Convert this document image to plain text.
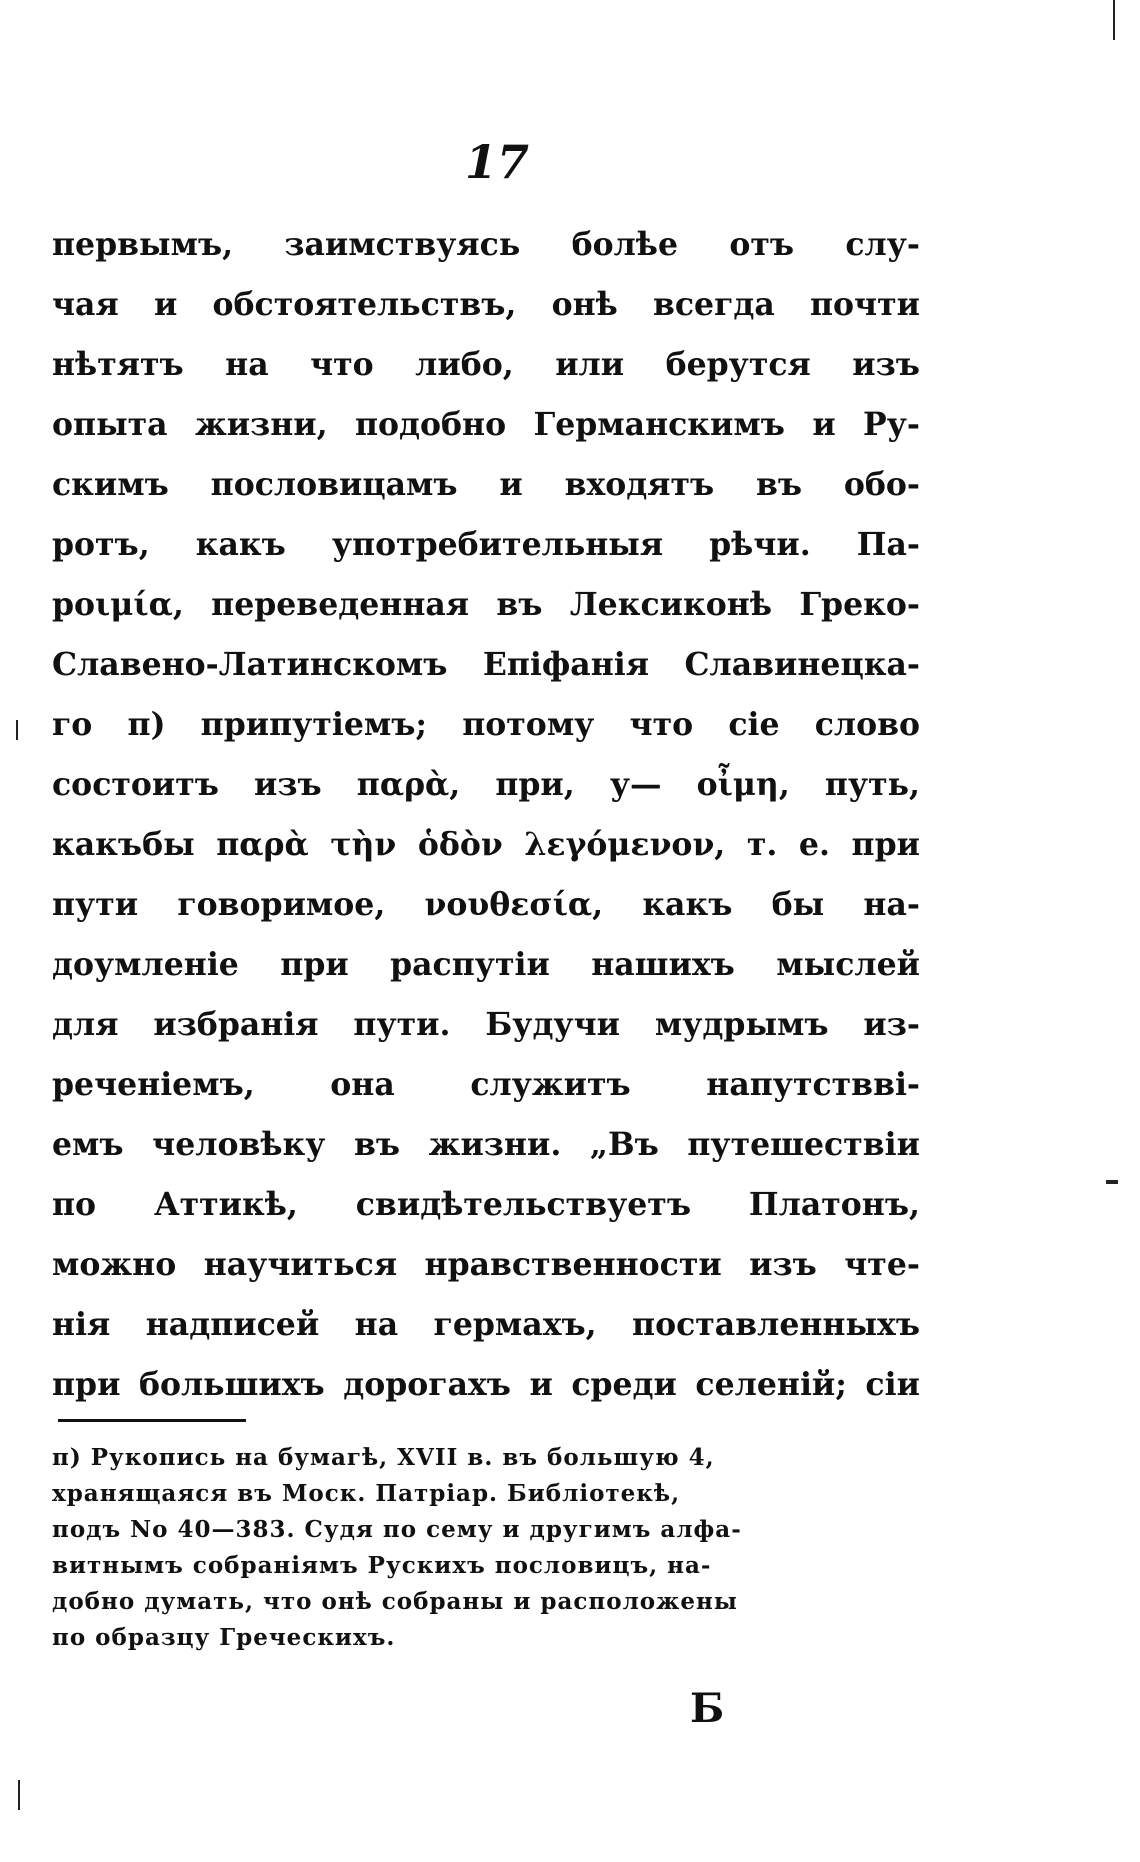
17
первымъ, заимствуясь болѣе отъ слу-
чая и обстоятельствъ, онѣ всегда почти
нѣтятъ на что либо, или берутся изъ
опыта жизни, подобно Германскимъ и Ру-
скимъ пословицамъ и входятъ въ обо-
ротъ, какъ употребительныя рѣчи. Па-
роιμία, переведенная въ Лексиконѣ Греко-
Славено-Латинскомъ Епіфанія Славинецка-
го п) припутіемъ; потому что сіе слово
состоитъ изъ παρὰ, при, у— οἶμη, путь,
какъбы παρὰ τὴν ὁδὸν λεγόμενον, т. е. при
пути говоримое, νουθεσία, какъ бы на-
доумленіе при распутіи нашихъ мыслей
для избранія пути. Будучи мудрымъ из-
реченіемъ, она служитъ напутствві-
емъ человѣку въ жизни. „Въ путешествіи
по Аттикѣ, свидѣтельствуетъ Платонъ,
можно научиться нравственности изъ чте-
нія надписей на гермахъ, поставленныхъ
при большихъ дорогахъ и среди селеній; сіи
п) Рукопись на бумагѣ, XVII в. въ большую 4,
хранящаяся въ Моск. Патріар. Библіотекѣ,
подъ No 40—383. Судя по сему и другимъ алфа-
витнымъ собраніямъ Рускихъ пословицъ, на-
добно думать, что онѣ собраны и расположены
по образцу Греческихъ.
Б
